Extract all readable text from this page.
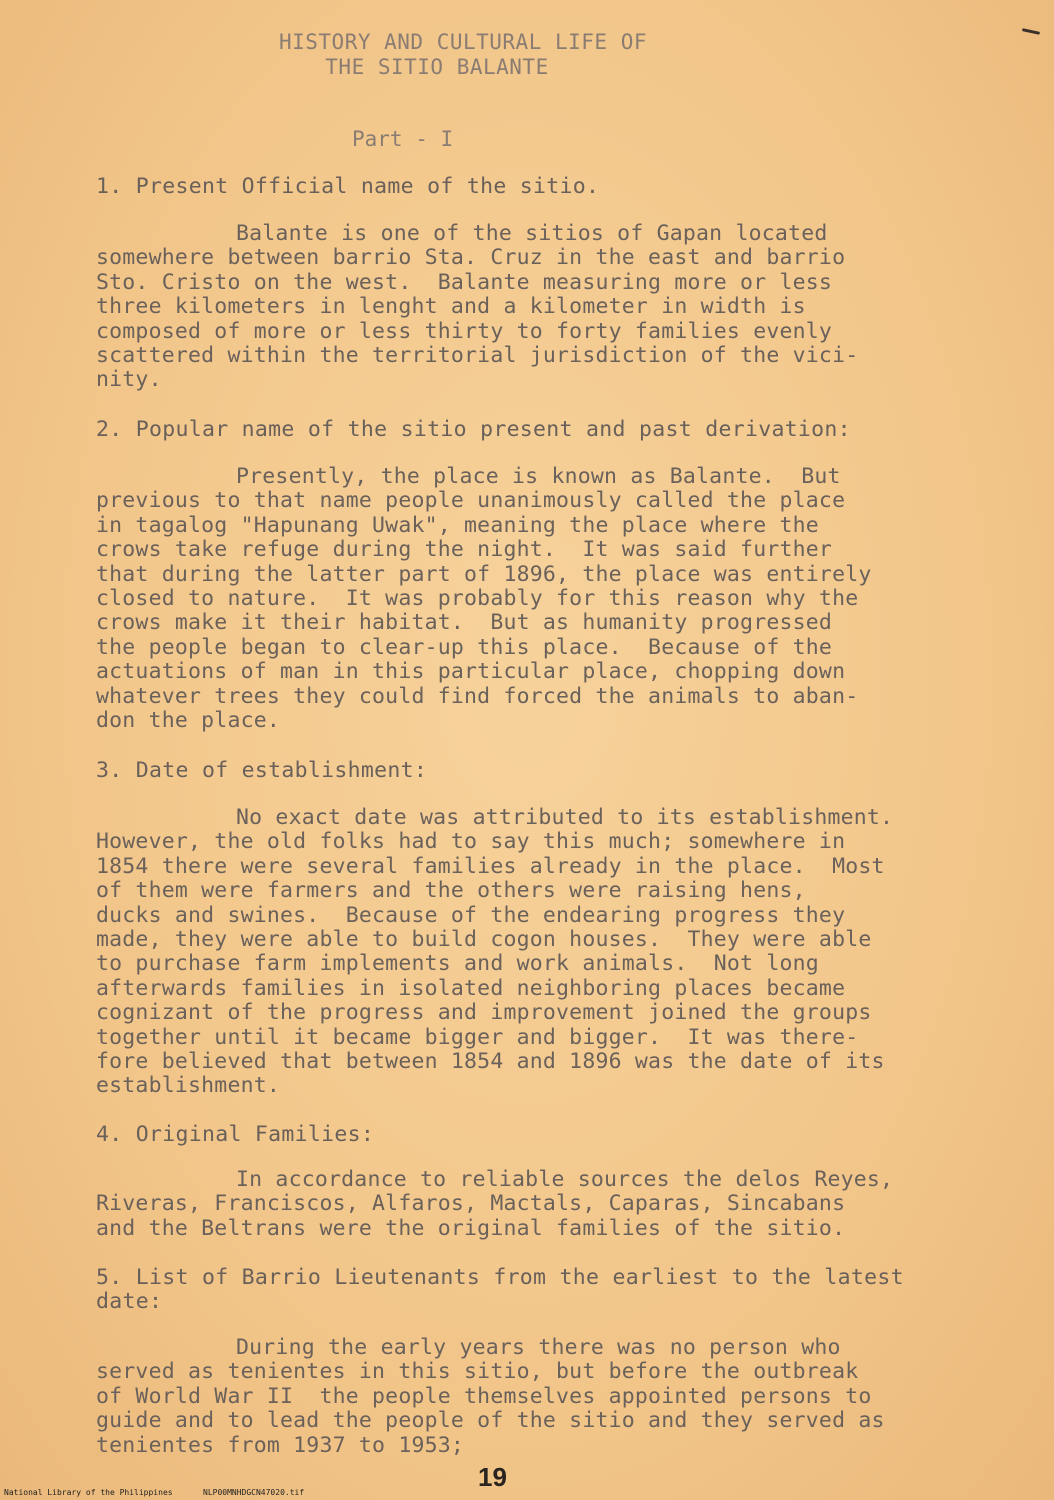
HISTORY AND CULTURAL LIFE OF
THE SITIO BALANTE
Part - I
1. Present Official name of the sitio.
Balante is one of the sitios of Gapan located
somewhere between barrio Sta. Cruz in the east and barrio
Sto. Cristo on the west.  Balante measuring more or less
three kilometers in lenght and a kilometer in width is
composed of more or less thirty to forty families evenly
scattered within the territorial jurisdiction of the vici-
nity.
2. Popular name of the sitio present and past derivation:
Presently, the place is known as Balante.  But
previous to that name people unanimously called the place
in tagalog "Hapunang Uwak", meaning the place where the
crows take refuge during the night.  It was said further
that during the latter part of 1896, the place was entirely
closed to nature.  It was probably for this reason why the
crows make it their habitat.  But as humanity progressed
the people began to clear-up this place.  Because of the
actuations of man in this particular place, chopping down
whatever trees they could find forced the animals to aban-
don the place.
3. Date of establishment:
No exact date was attributed to its establishment.
However, the old folks had to say this much; somewhere in
1854 there were several families already in the place.  Most
of them were farmers and the others were raising hens,
ducks and swines.  Because of the endearing progress they
made, they were able to build cogon houses.  They were able
to purchase farm implements and work animals.  Not long
afterwards families in isolated neighboring places became
cognizant of the progress and improvement joined the groups
together until it became bigger and bigger.  It was there-
fore believed that between 1854 and 1896 was the date of its
establishment.
4. Original Families:
In accordance to reliable sources the delos Reyes,
Riveras, Franciscos, Alfaros, Mactals, Caparas, Sincabans
and the Beltrans were the original families of the sitio.
5. List of Barrio Lieutenants from the earliest to the latest
date:
During the early years there was no person who
served as tenientes in this sitio, but before the outbreak
of World War II  the people themselves appointed persons to
guide and to lead the people of the sitio and they served as
tenientes from 1937 to 1953;
19
National Library of the Philippines	NLP00MNHDGCN47020.tif
